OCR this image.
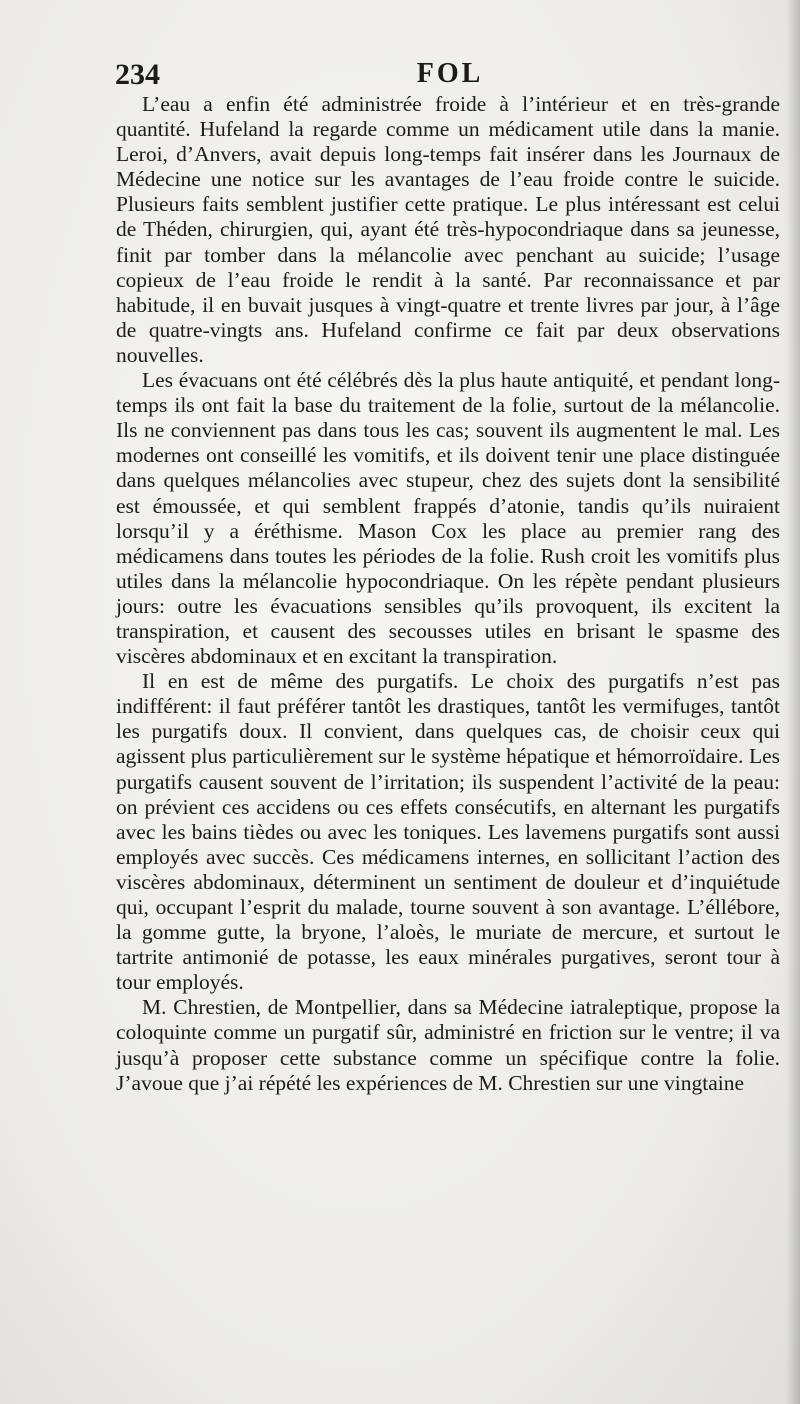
234	FOL

L’eau a enfin été administrée froide à l’intérieur et en très-grande quantité. Hufeland la regarde comme un médicament utile dans la manie. Leroi, d’Anvers, avait depuis long-temps fait insérer dans les Journaux de Médecine une notice sur les avantages de l’eau froide contre le suicide. Plusieurs faits semblent justifier cette pratique. Le plus intéressant est celui de Théden, chirurgien, qui, ayant été très-hypocondriaque dans sa jeunesse, finit par tomber dans la mélancolie avec penchant au suicide; l’usage copieux de l’eau froide le rendit à la santé. Par reconnaissance et par habitude, il en buvait jusques à vingt-quatre et trente livres par jour, à l’âge de quatre-vingts ans. Hufeland confirme ce fait par deux observations nouvelles.

Les évacuans ont été célébrés dès la plus haute antiquité, et pendant long-temps ils ont fait la base du traitement de la folie, surtout de la mélancolie. Ils ne conviennent pas dans tous les cas; souvent ils augmentent le mal. Les modernes ont conseillé les vomitifs, et ils doivent tenir une place distinguée dans quelques mélancolies avec stupeur, chez des sujets dont la sensibilité est émoussée, et qui semblent frappés d’atonie, tandis qu’ils nuiraient lorsqu’il y a éréthisme. Mason Cox les place au premier rang des médicamens dans toutes les périodes de la folie. Rush croit les vomitifs plus utiles dans la mélancolie hypocondriaque. On les répète pendant plusieurs jours: outre les évacuations sensibles qu’ils provoquent, ils excitent la transpiration, et causent des secousses utiles en brisant le spasme des viscères abdominaux et en excitant la transpiration.

Il en est de même des purgatifs. Le choix des purgatifs n’est pas indifférent: il faut préférer tantôt les drastiques, tantôt les vermifuges, tantôt les purgatifs doux. Il convient, dans quelques cas, de choisir ceux qui agissent plus particulièrement sur le système hépatique et hémorroïdaire. Les purgatifs causent souvent de l’irritation; ils suspendent l’activité de la peau: on prévient ces accidens ou ces effets consécutifs, en alternant les purgatifs avec les bains tièdes ou avec les toniques. Les lavemens purgatifs sont aussi employés avec succès. Ces médicamens internes, en sollicitant l’action des viscères abdominaux, déterminent un sentiment de douleur et d’inquiétude qui, occupant l’esprit du malade, tourne souvent à son avantage. L’éllébore, la gomme gutte, la bryone, l’aloès, le muriate de mercure, et surtout le tartrite antimonié de potasse, les eaux minérales purgatives, seront tour à tour employés.

M. Chrestien, de Montpellier, dans sa Médecine iatraleptique, propose la coloquinte comme un purgatif sûr, administré en friction sur le ventre; il va jusqu’à proposer cette substance comme un spécifique contre la folie. J’avoue que j’ai répété les expériences de M. Chrestien sur une vingtaine
